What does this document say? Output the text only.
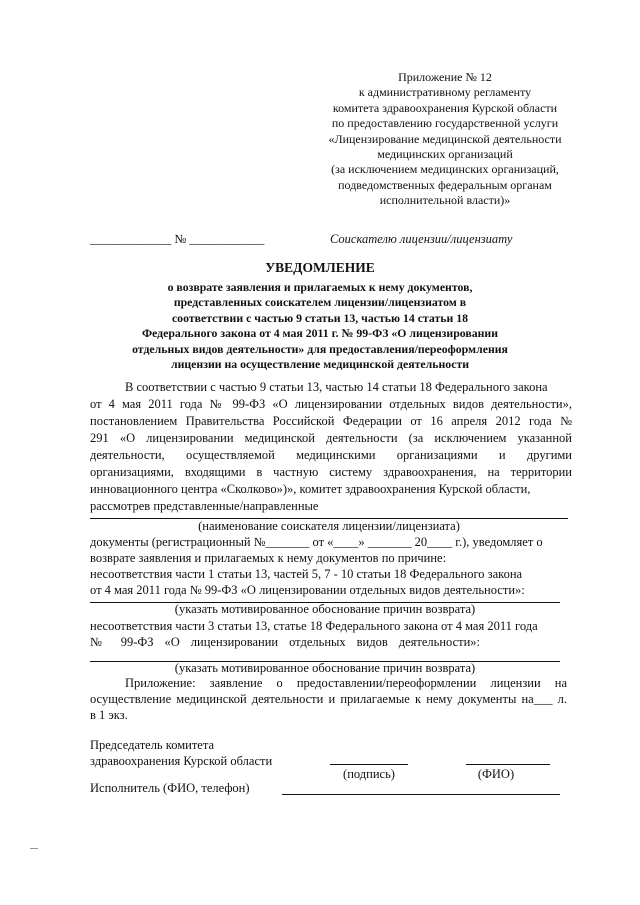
Приложение № 12
к административному регламенту
комитета здравоохранения Курской области
по предоставлению государственной услуги
«Лицензирование медицинской деятельности
медицинских организаций
(за исключением медицинских организаций,
подведомственных федеральным органам
исполнительной власти)»
_____________ № ____________	Соискателю лицензии/лицензиату
УВЕДОМЛЕНИЕ
о возврате заявления и прилагаемых к нему документов,
представленных соискателем лицензии/лицензиатом в
соответствии с частью 9 статьи 13, частью 14 статьи 18
Федерального закона от 4 мая 2011 г. № 99-ФЗ «О лицензировании
отдельных видов деятельности» для предоставления/переоформления
лицензии на осуществление медицинской деятельности
В соответствии с частью 9 статьи 13, частью 14 статьи 18 Федерального закона
от 4 мая 2011 года № 99-ФЗ «О лицензировании отдельных видов деятельности»,
постановлением Правительства Российской Федерации от 16 апреля 2012 года №
291 «О лицензировании медицинской деятельности (за исключением указанной
деятельности, осуществляемой медицинскими организациями и другими
организациями, входящими в частную систему здравоохранения, на территории
инновационного центра «Сколково»)», комитет здравоохранения Курской области,
рассмотрев представленные/направленные
(наименование соискателя лицензии/лицензиата)
документы (регистрационный №_______ от «____» _______ 20____ г.), уведомляет о
возврате заявления и прилагаемых к нему документов по причине:
несоответствия части 1 статьи 13, частей 5, 7 - 10 статьи 18 Федерального закона
от 4 мая 2011 года № 99-ФЗ «О лицензировании отдельных видов деятельности»:
(указать мотивированное обоснование причин возврата)
несоответствия части 3 статьи 13, статье 18 Федерального закона от 4 мая 2011 года
№ 99-ФЗ «О лицензировании отдельных видов деятельности»:
(указать мотивированное обоснование причин возврата)
Приложение: заявление о предоставлении/переоформлении лицензии на
осуществление медицинской деятельности и прилагаемые к нему документы на___ л.
в 1 экз.
Председатель комитета
здравоохранения Курской области
(подпись)	(ФИО)
Исполнитель (ФИО, телефон)
